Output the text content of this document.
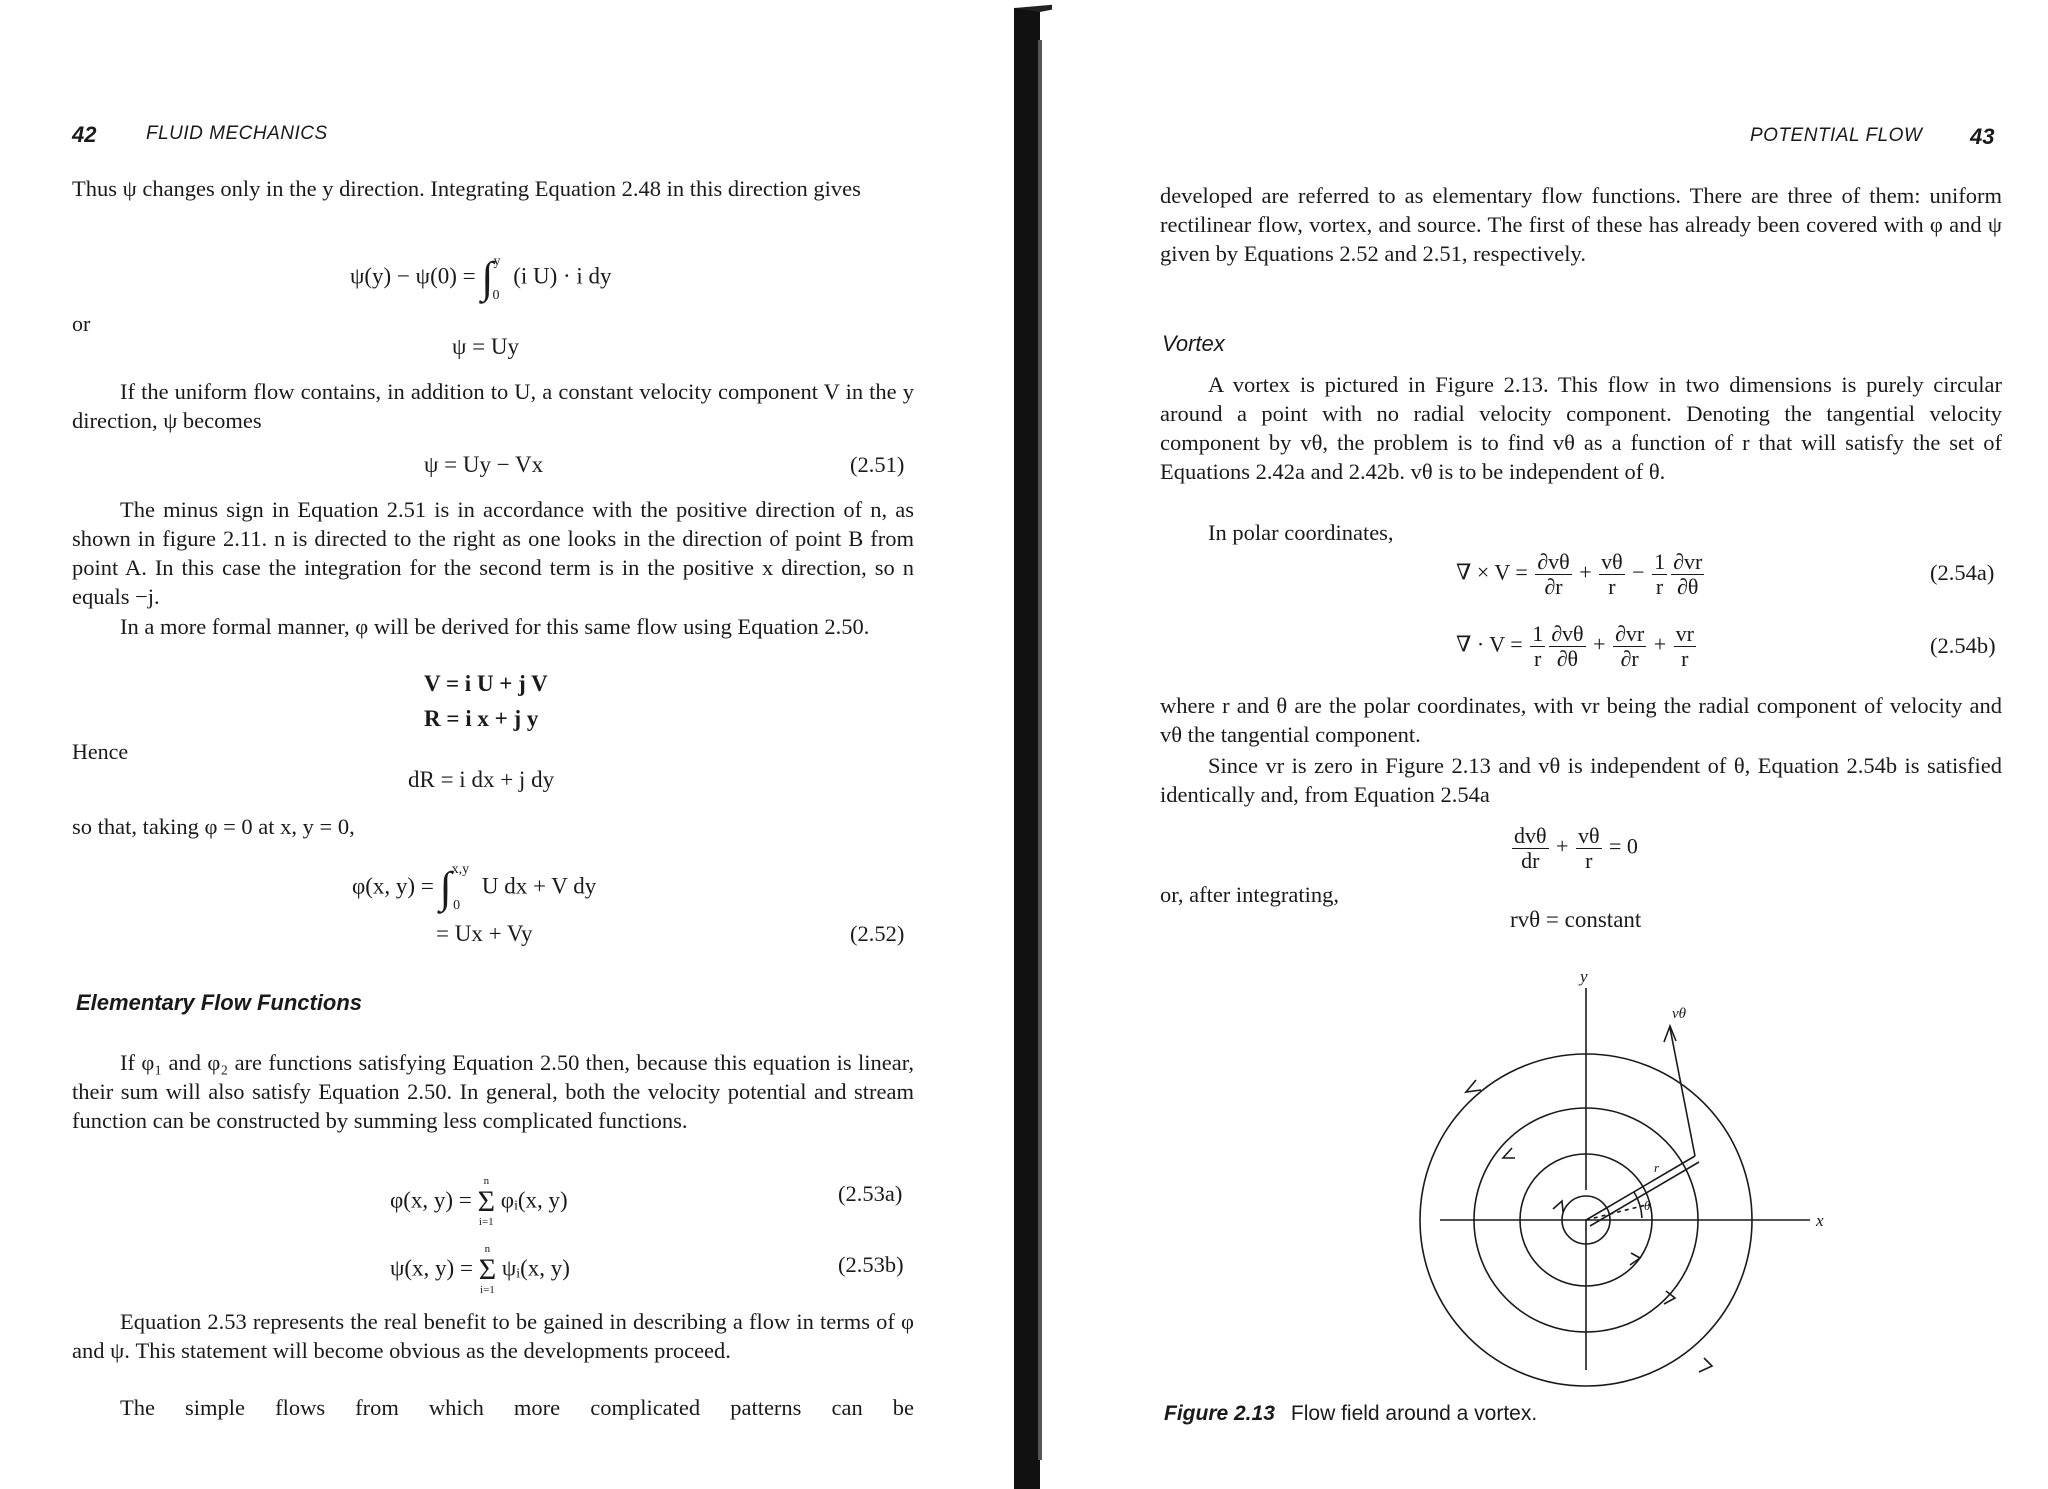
42	FLUID MECHANICS
Thus ψ changes only in the y direction. Integrating Equation 2.48 in this direction gives
ψ(y) − ψ(0) = ∫$^y_0$ (i U) · i dy
or
ψ = Uy
If the uniform flow contains, in addition to U, a constant velocity component V in the y direction, ψ becomes
ψ = Uy − Vx	(2.51)
The minus sign in Equation 2.51 is in accordance with the positive direction of n, as shown in figure 2.11. n is directed to the right as one looks in the direction of point B from point A. In this case the integration for the second term is in the positive x direction, so n equals −j.
In a more formal manner, φ will be derived for this same flow using Equation 2.50.
V = i U + j V
R = i x + j y
Hence
dR = i dx + j dy
so that, taking φ = 0 at x, y = 0,
φ(x, y) = ∫$^{x,y}_0$ U dx + V dy
= Ux + Vy	(2.52)
Elementary Flow Functions
If φ₁ and φ₂ are functions satisfying Equation 2.50 then, because this equation is linear, their sum will also satisfy Equation 2.50. In general, both the velocity potential and stream function can be constructed by summing less complicated functions.
φ(x, y) =
n
Σ
i=1
φᵢ(x, y)	(2.53a)
ψ(x, y) =
n
Σ
i=1
ψᵢ(x, y)	(2.53b)
Equation 2.53 represents the real benefit to be gained in describing a flow in terms of φ and ψ. This statement will become obvious as the developments proceed.
The simple flows from which more complicated patterns can be
POTENTIAL FLOW 43
developed are referred to as elementary flow functions. There are three of them: uniform rectilinear flow, vortex, and source. The first of these has already been covered with φ and ψ given by Equations 2.52 and 2.51, respectively.
Vortex
A vortex is pictured in Figure 2.13. This flow in two dimensions is purely circular around a point with no radial velocity component. Denoting the tangential velocity component by vθ, the problem is to find vθ as a function of r that will satisfy the set of Equations 2.42a and 2.42b. vθ is to be independent of θ.
In polar coordinates,
∇ × $V = \frac{\partial v\theta}{\partial r} + \frac{v\theta}{r} - \frac{1}{r} \frac{\partial vr}{\partial\theta}$	(2.54a)
∇ · $V = \frac{1}{r} \frac{\partial v\theta}{\partial\theta} + \frac{\partial vr}{\partial r} + \frac{vr}{r}$	(2.54b)
where r and θ are the polar coordinates, with vr being the radial component of velocity and vθ the tangential component.
Since vr is zero in Figure 2.13 and vθ is independent of θ, Equation 2.54b is satisfied identically and, from Equation 2.54a
$\frac{\text{dvθ}}{dr} + \frac{v\theta}{r} = 0$
or, after integrating,
rvθ = constant
y
x
vθ
r
θ
Figure 2.13 Flow field around a vortex.
